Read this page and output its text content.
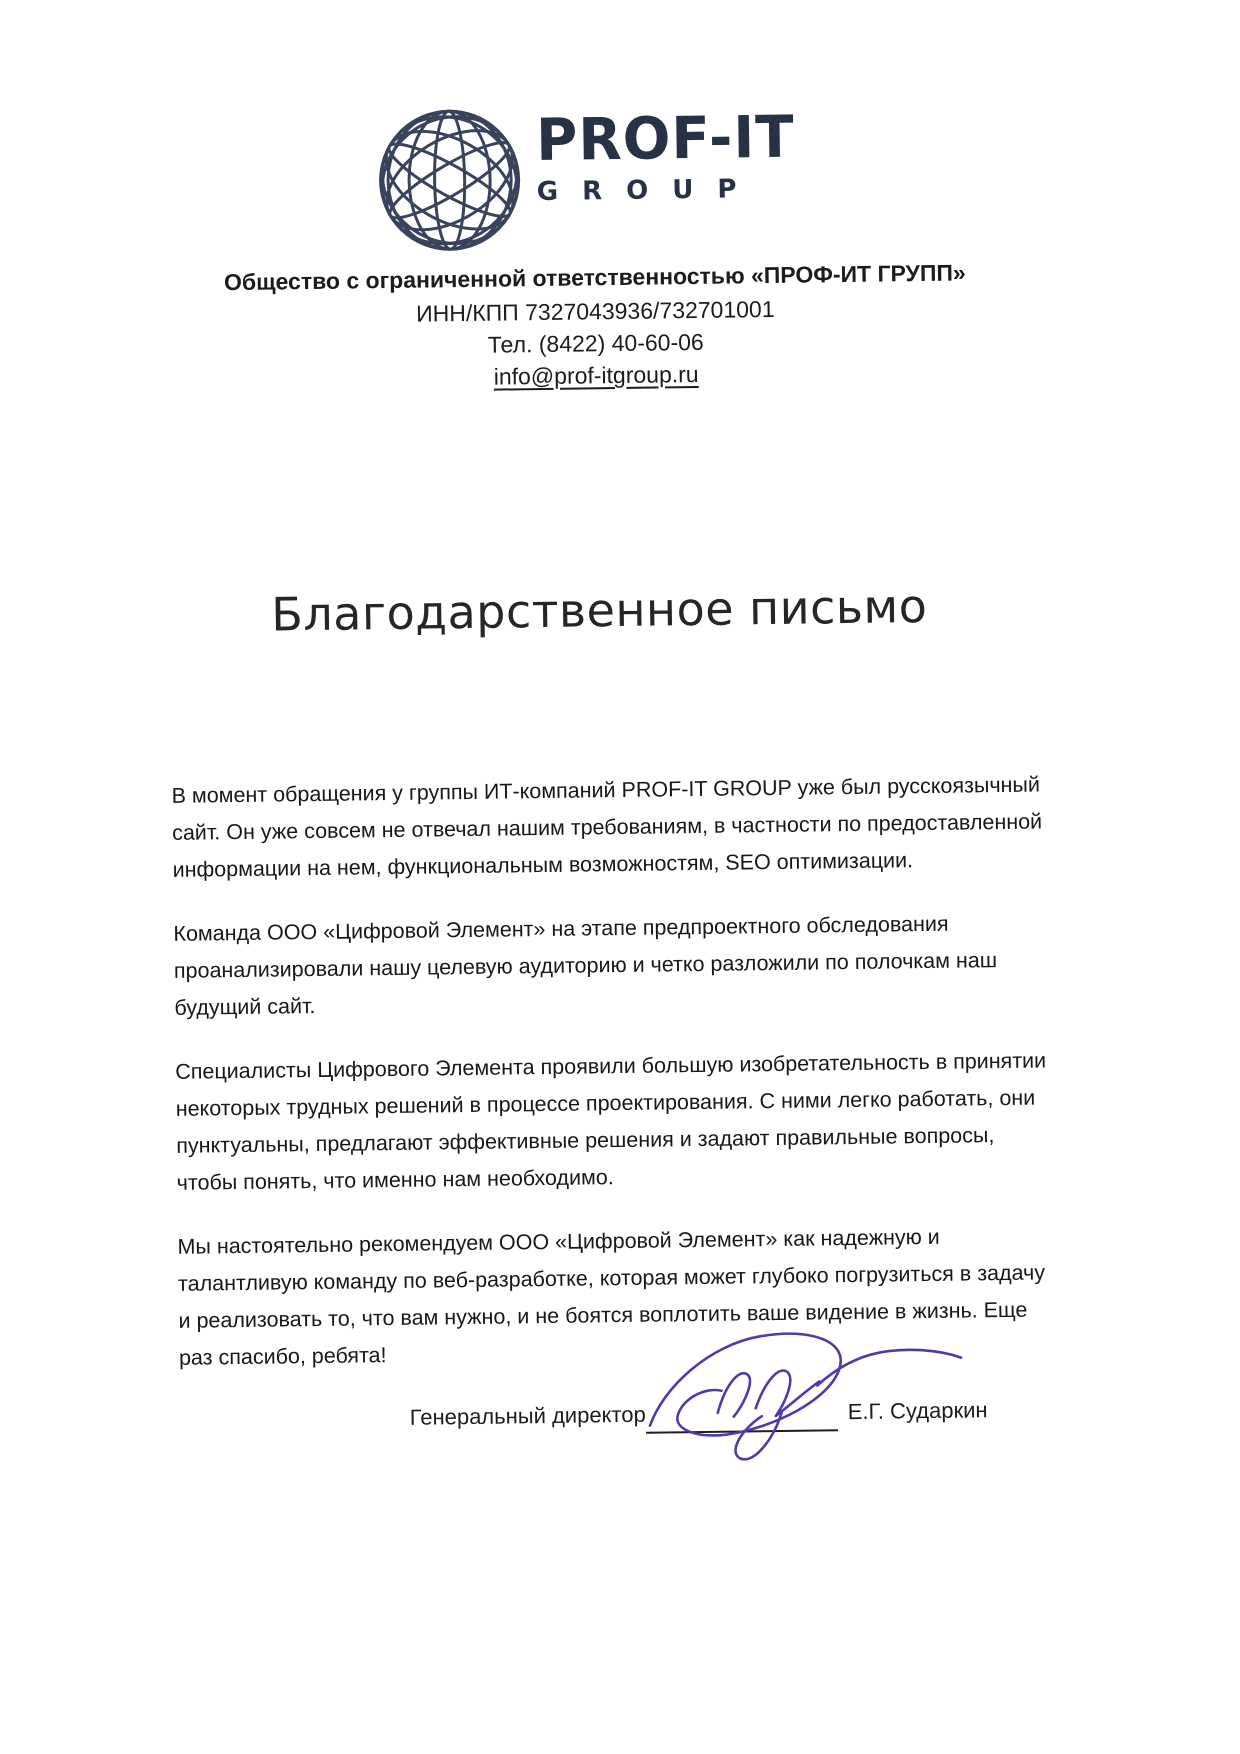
PROF-IT
GROUP
Общество с ограниченной ответственностью «ПРОФ-ИТ ГРУПП»
ИНН/КПП 7327043936/732701001
Тел. (8422) 40-60-06
info@prof-itgroup.ru
Благодарственное письмо

В момент обращения у группы ИТ-компаний PROF-IT GROUP уже был русскоязычный сайт. Он уже совсем не отвечал нашим требованиям, в частности по предоставленной информации на нем, функциональным возможностям, SEO оптимизации.

Команда ООО «Цифровой Элемент» на этапе предпроектного обследования проанализировали нашу целевую аудиторию и четко разложили по полочкам наш будущий сайт.

Специалисты Цифрового Элемента проявили большую изобретательность в принятии некоторых трудных решений в процессе проектирования. С ними легко работать, они пунктуальны, предлагают эффективные решения и задают правильные вопросы, чтобы понять, что именно нам необходимо.

Мы настоятельно рекомендуем ООО «Цифровой Элемент» как надежную и талантливую команду по веб-разработке, которая может глубоко погрузиться в задачу и реализовать то, что вам нужно, и не боятся воплотить ваше видение в жизнь. Еще раз спасибо, ребята!

Генеральный директор	Е.Г. Сударкин
